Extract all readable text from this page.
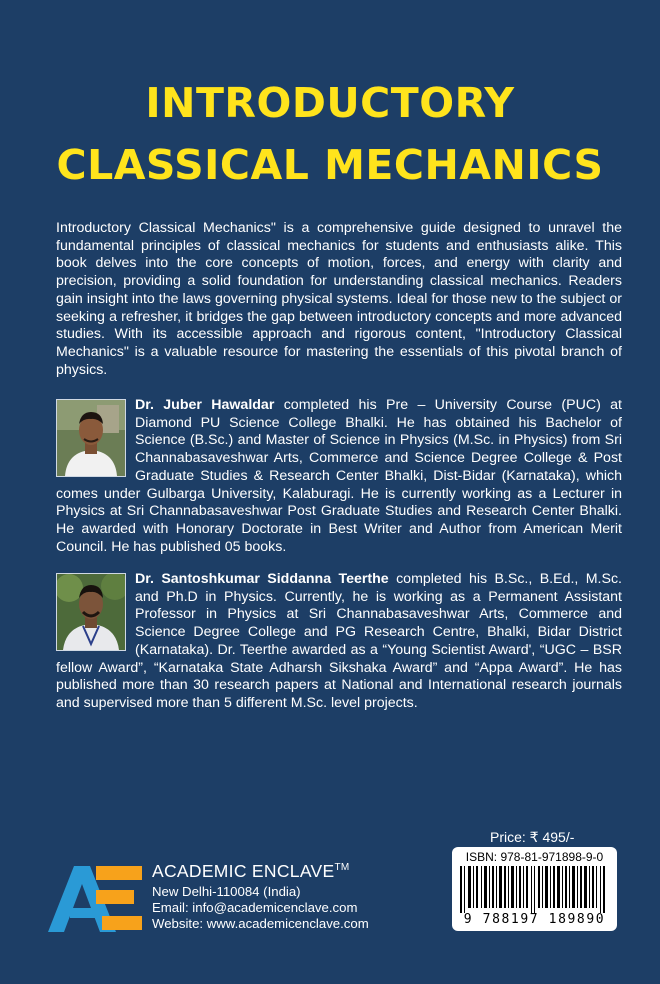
INTRODUCTORY
CLASSICAL MECHANICS
Introductory Classical Mechanics" is a comprehensive guide designed to unravel the fundamental principles of classical mechanics for students and enthusiasts alike. This book delves into the core concepts of motion, forces, and energy with clarity and precision, providing a solid foundation for understanding classical mechanics. Readers gain insight into the laws governing physical systems. Ideal for those new to the subject or seeking a refresher, it bridges the gap between introductory concepts and more advanced studies. With its accessible approach and rigorous content, "Introductory Classical Mechanics" is a valuable resource for mastering the essentials of this pivotal branch of physics.
Dr. Juber Hawaldar completed his Pre – University Course (PUC) at Diamond PU Science College Bhalki. He has obtained his Bachelor of Science (B.Sc.) and Master of Science in Physics (M.Sc. in Physics) from Sri Channabasaveshwar Arts, Commerce and Science Degree College & Post Graduate Studies & Research Center Bhalki, Dist-Bidar (Karnataka), which comes under Gulbarga University, Kalaburagi. He is currently working as a Lecturer in Physics at Sri Channabasaveshwar Post Graduate Studies and Research Center Bhalki. He awarded with Honorary Doctorate in Best Writer and Author from American Merit Council. He has published 05 books.
Dr. Santoshkumar Siddanna Teerthe completed his B.Sc., B.Ed., M.Sc. and Ph.D in Physics. Currently, he is working as a Permanent Assistant Professor in Physics at Sri Channabasaveshwar Arts, Commerce and Science Degree College and PG Research Centre, Bhalki, Bidar District (Karnataka). Dr. Teerthe awarded as a “Young Scientist Award', “UGC – BSR fellow Award”, “Karnataka State Adharsh Sikshaka Award” and “Appa Award”. He has published more than 30 research papers at National and International research journals and supervised more than 5 different M.Sc. level projects.
Price: ₹ 495/-
ISBN: 978-81-971898-9-0
9 788197 189890
ACADEMIC ENCLAVE™
New Delhi-110084 (India)
Email: info@academicenclave.com
Website: www.academicenclave.com
